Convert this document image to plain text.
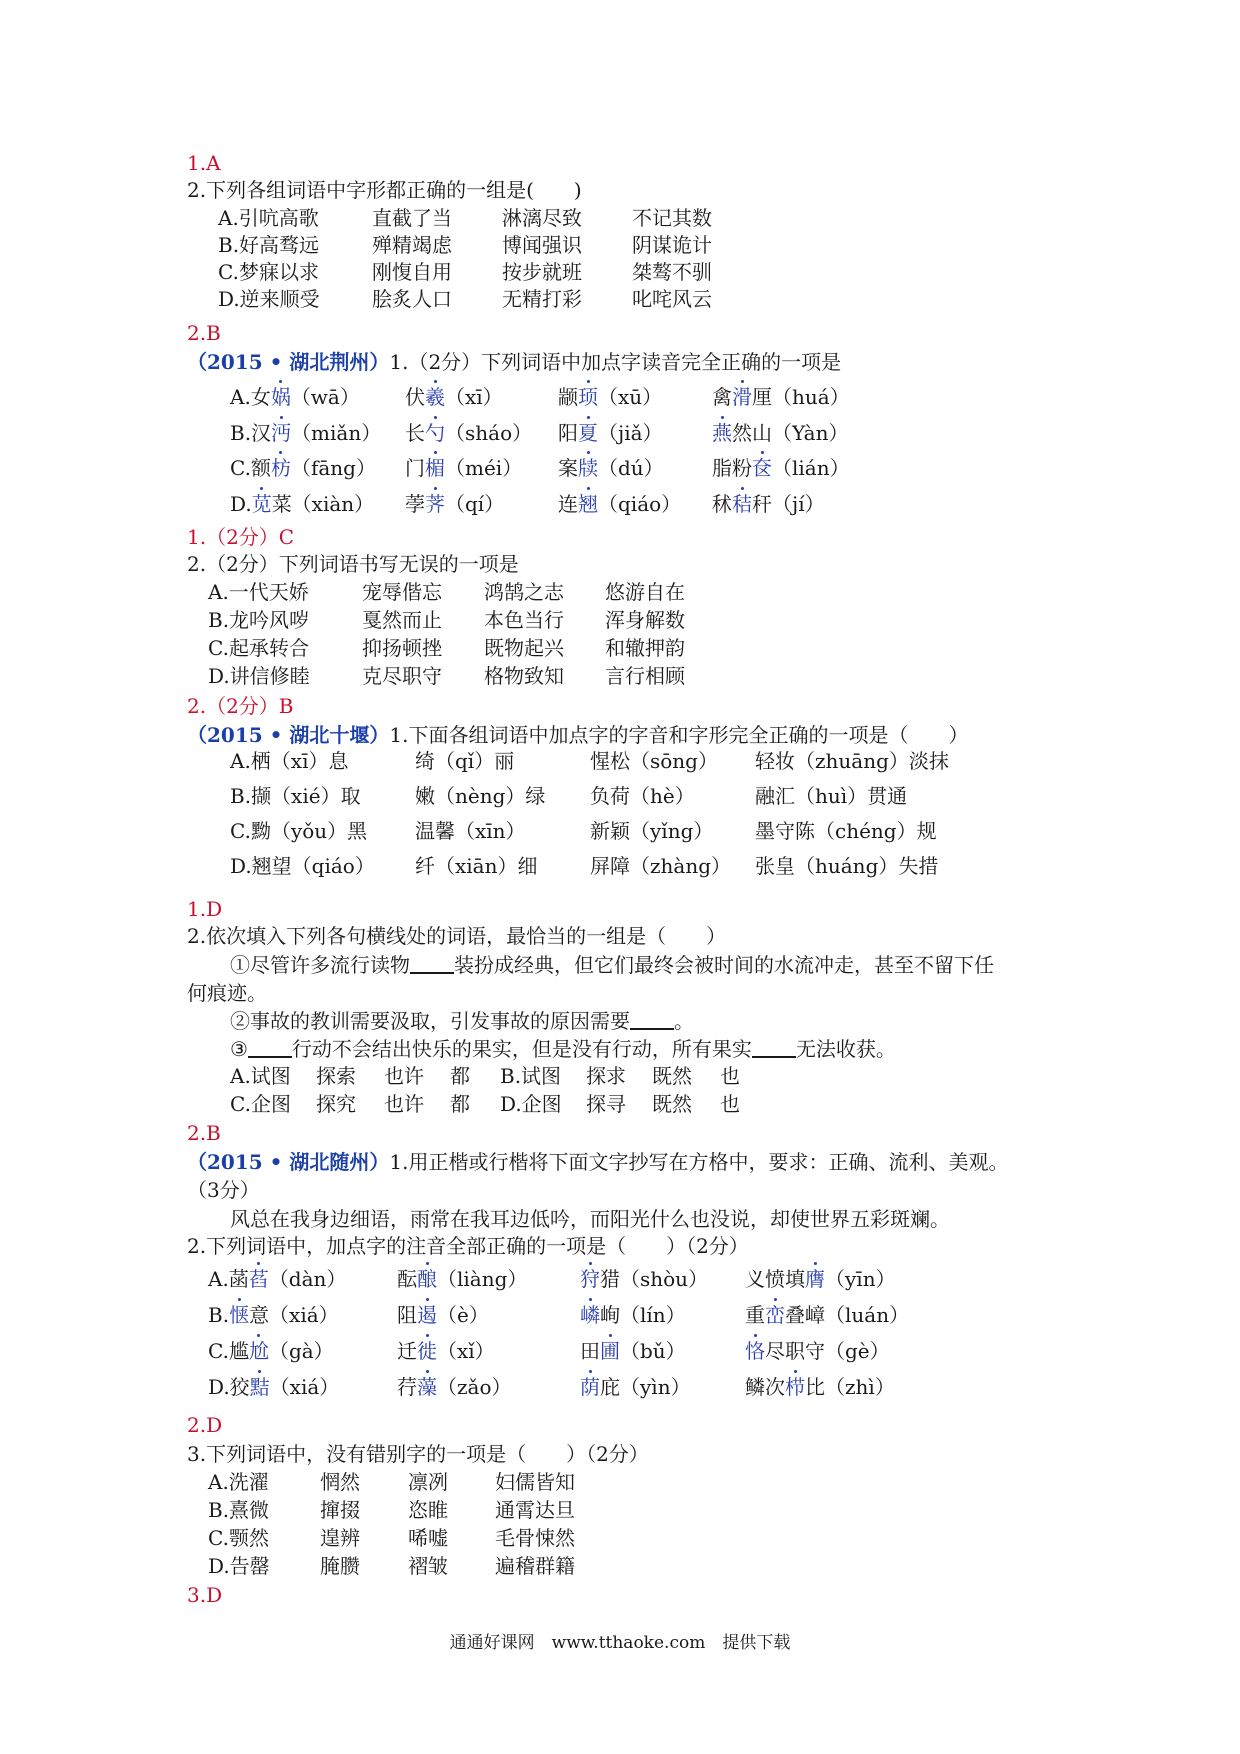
1.A
2.下列各组词语中字形都正确的一组是(　　)
A.引吭高歌	直截了当	淋漓尽致	不记其数
B.好高骛远	殚精竭虑	博闻强识	阴谋诡计
C.梦寐以求	刚愎自用	按步就班	桀骜不驯
D.逆来顺受	脍炙人口	无精打彩	叱咤风云
2.B
（2015 • 湖北荆州）1.（2分）下列词语中加点字读音完全正确的一项是
A.女娲（wā） 伏羲（xī）	颛顼（xū） 禽滑厘（huá）
B.汉沔（miǎn） 长勺（sháo） 阳夏（jiǎ） 燕然山（Yàn）
C.额枋（fāng） 门楣（méi） 案牍（dú） 脂粉奁（lián）
D.苋菜（xiàn） 荸荠（qí）	连翘（qiáo） 秫秸秆（jí）
1.（2分）C
2.（2分）下列词语书写无误的一项是
A.一代天娇	宠辱偕忘 鸿鹄之志 悠游自在
B.龙吟风哕	戛然而止 本色当行 浑身解数
C.起承转合	抑扬顿挫 既物起兴 和辙押韵
D.讲信修睦	克尽职守 格物致知 言行相顾
2.（2分）B
（2015 • 湖北十堰）1.下面各组词语中加点字的字音和字形完全正确的一项是（　　）
A.栖（xī）息	绮（qǐ）丽	惺松（sōng） 轻妆（zhuāng）淡抹
B.撷（xié）取	嫩（nèng）绿 负荷（hè）	融汇（huì）贯通
C.黝（yǒu）黑 温馨（xīn）	新颖（yǐng） 墨守陈（chéng）规
D.翘望（qiáo） 纤（xiān）细	屏障（zhàng） 张皇（huáng）失措
1.D
2.依次填入下列各句横线处的词语，最恰当的一组是（　　）
①尽管许多流行读物 装扮成经典，但它们最终会被时间的水流冲走，甚至不留下任
何痕迹。
②事故的教训需要汲取，引发事故的原因需要 。
③ 行动不会结出快乐的果实，但是没有行动，所有果实 无法收获。
A.试图 探索 也许 都 B.试图 探求 既然 也
C.企图 探究 也许 都 D.企图 探寻 既然 也
2.B
（2015 • 湖北随州）1.用正楷或行楷将下面文字抄写在方格中，要求：正确、流利、美观。
（3分）
风总在我身边细语，雨常在我耳边低吟，而阳光什么也没说，却使世界五彩斑斓。
2.下列词语中，加点字的注音全部正确的一项是（　　）（2分）
A.菡萏（dàn）	酝酿（liàng）	狩猎（shòu） 义愤填膺（yīn）
B.惬意（xiá）	阻遏（è）	嶙峋（lín）	重峦叠嶂（luán）
C.尴尬（gà）	迁徙（xǐ）	田圃（bǔ）	恪尽职守（gè）
D.狡黠（xiá）	荇藻（zǎo）	荫庇（yìn）	鳞次栉比（zhì）
2.D
3.下列词语中，没有错别字的一项是（　　）（2分）
A.洗濯	惘然 凛冽 妇儒皆知
B.熹微	撺掇 恣睢 通霄达旦
C.颚然	遑辨 唏嘘 毛骨悚然
D.告罄	腌臜 褶皱 遍稽群籍
3.D
通通好课网　www.tthaoke.com　提供下载
